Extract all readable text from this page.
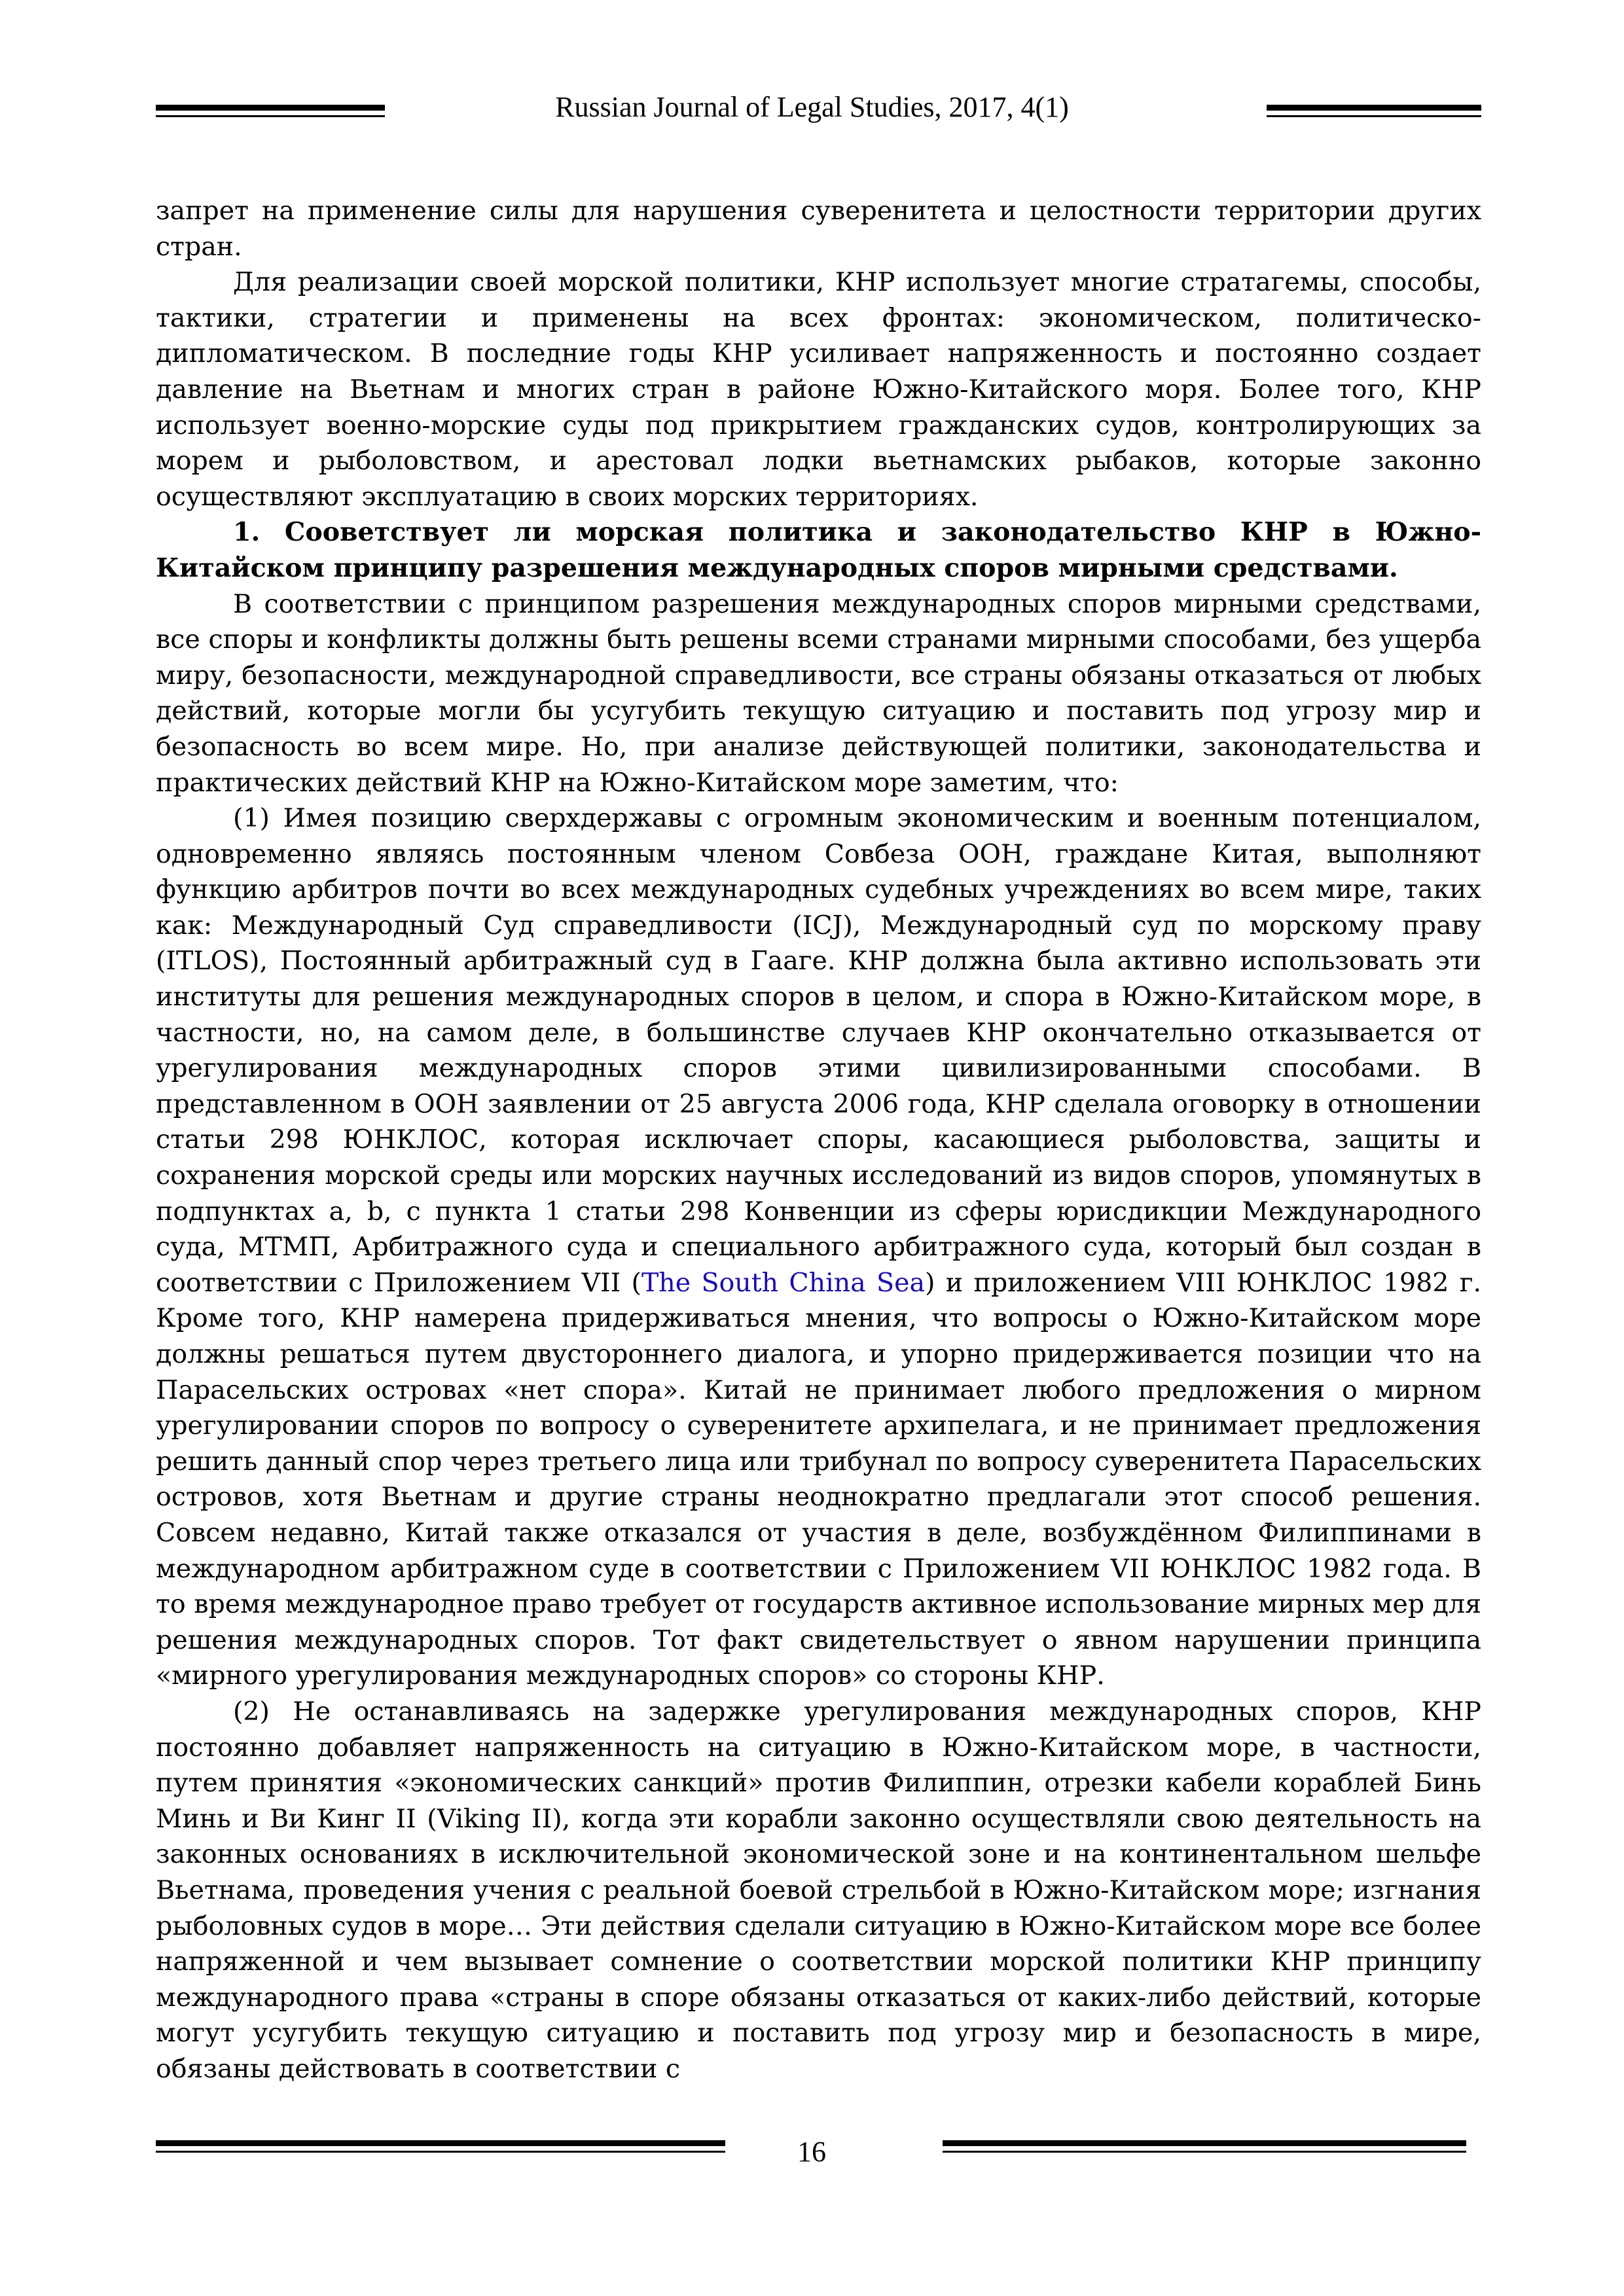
Russian Journal of Legal Studies, 2017, 4(1)

запрет на применение силы для нарушения суверенитета и целостности территории других стран.

Для реализации своей морской политики, КНР использует многие стратагемы, способы, тактики, стратегии и применены на всех фронтах: экономическом, политическо-дипломатическом. В последние годы КНР усиливает напряженность и постоянно создает давление на Вьетнам и многих стран в районе Южно-Китайского моря. Более того, КНР использует военно-морские суды под прикрытием гражданских судов, контролирующих за морем и рыболовством, и арестовал лодки вьетнамских рыбаков, которые законно осуществляют эксплуатацию в своих морских территориях.

1. Сооветствует ли морская политика и законодательство КНР в Южно-Китайском принципу разрешения международных споров мирными средствами.

В соответствии с принципом разрешения международных споров мирными средствами, все споры и конфликты должны быть решены всеми странами мирными способами, без ущерба миру, безопасности, международной справедливости, все страны обязаны отказаться от любых действий, которые могли бы усугубить текущую ситуацию и поставить под угрозу мир и безопасность во всем мире. Но, при анализе действующей политики, законодательства и практических действий КНР на Южно-Китайском море заметим, что:

(1) Имея позицию сверхдержавы с огромным экономическим и военным потенциалом, одновременно являясь постоянным членом Совбеза ООН, граждане Китая, выполняют функцию арбитров почти во всех международных судебных учреждениях во всем мире, таких как: Международный Суд справедливости (ICJ), Международный суд по морскому праву (ITLOS), Постоянный арбитражный суд в Гааге. КНР должна была активно использовать эти институты для решения международных споров в целом, и спора в Южно-Китайском море, в частности, но, на самом деле, в большинстве случаев КНР окончательно отказывается от урегулирования международных споров этими цивилизированными способами. В представленном в ООН заявлении от 25 августа 2006 года, КНР сделала оговорку в отношении статьи 298 ЮНКЛОС, которая исключает споры, касающиеся рыболовства, защиты и сохранения морской среды или морских научных исследований из видов споров, упомянутых в подпунктах a, b, с пункта 1 статьи 298 Конвенции из сферы юрисдикции Международного суда, МТМП, Арбитражного суда и специального арбитражного суда, который был создан в соответствии с Приложением VII (The South China Sea) и приложением VIII ЮНКЛОС 1982 г. Кроме того, КНР намерена придерживаться мнения, что вопросы о Южно-Китайском море должны решаться путем двустороннего диалога, и упорно придерживается позиции что на Парасельских островах «нет спора». Китай не принимает любого предложения о мирном урегулировании споров по вопросу о суверенитете архипелага, и не принимает предложения решить данный спор через третьего лица или трибунал по вопросу суверенитета Парасельских островов, хотя Вьетнам и другие страны неоднократно предлагали этот способ решения. Совсем недавно, Китай также отказался от участия в деле, возбуждённом Филиппинами в международном арбитражном суде в соответствии с Приложением VII ЮНКЛОС 1982 года. В то время международное право требует от государств активное использование мирных мер для решения международных споров. Тот факт свидетельствует о явном нарушении принципа «мирного урегулирования международных споров» со стороны КНР.

(2) Не останавливаясь на задержке урегулирования международных споров, КНР постоянно добавляет напряженность на ситуацию в Южно-Китайском море, в частности, путем принятия «экономических санкций» против Филиппин, отрезки кабели кораблей Бинь Минь и Ви Кинг II (Viking II), когда эти корабли законно осуществляли свою деятельность на законных основаниях в исключительной экономической зоне и на континентальном шельфе Вьетнама, проведения учения с реальной боевой стрельбой в Южно-Китайском море; изгнания рыболовных судов в море… Эти действия сделали ситуацию в Южно-Китайском море все более напряженной и чем вызывает сомнение о соответствии морской политики КНР принципу международного права «страны в споре обязаны отказаться от каких-либо действий, которые могут усугубить текущую ситуацию и поставить под угрозу мир и безопасность в мире, обязаны действовать в соответствии с

16
